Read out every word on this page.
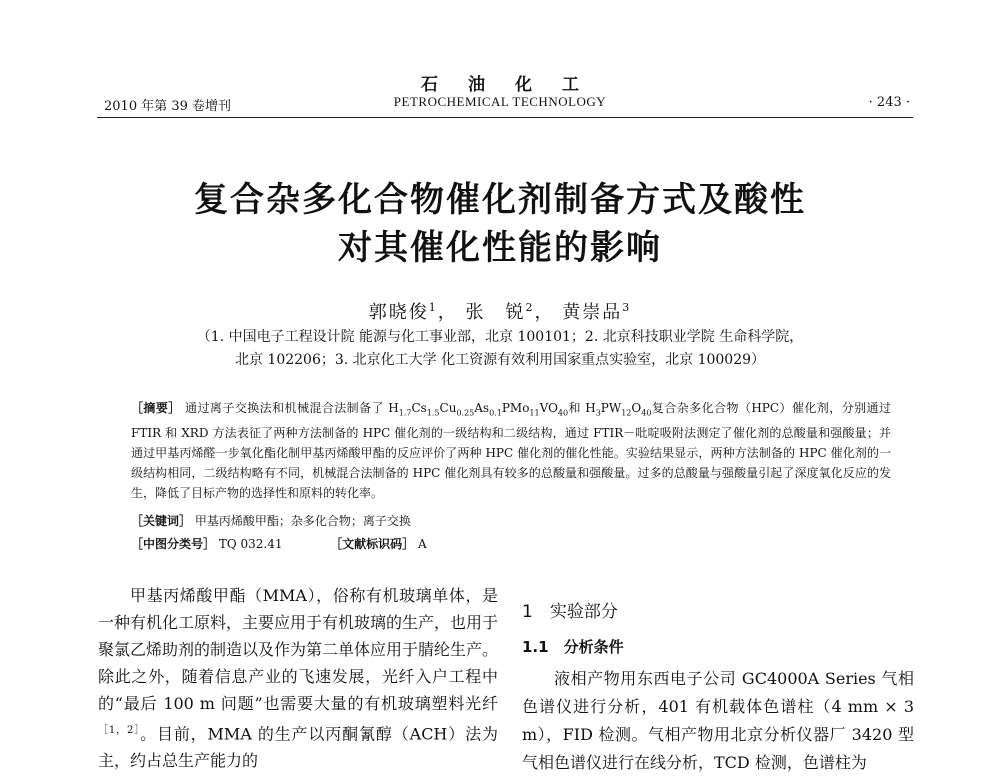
石油化工
2010 年第 39 卷增刊	PETROCHEMICAL TECHNOLOGY	· 243 ·
复合杂多化合物催化剂制备方式及酸性
对其催化性能的影响
郭晓俊$^1$， 张　锐$^2$， 黄崇品$^3$
（1. 中国电子工程设计院 能源与化工事业部，北京 100101；2. 北京科技职业学院 生命科学院，
北京 102206；3. 北京化工大学 化工资源有效利用国家重点实验室，北京 100029）

［摘要］ 通过离子交换法和机械混合法制备了 $H_{1.7}Cs_{1.5}Cu_{0.25}As_{0.1}PMo_{11}VO_{40}$和 $H_3PW_{12}O_{40}$复合杂多化合物（HPC）催化剂，分别通过 FTIR 和 XRD 方法表征了两种方法制备的 HPC 催化剂的一级结构和二级结构，通过 FTIR－吡啶吸附法测定了催化剂的总酸量和强酸量；并通过甲基丙烯醛一步氧化酯化制甲基丙烯酸甲酯的反应评价了两种 HPC 催化剂的催化性能。实验结果显示，两种方法制备的 HPC 催化剂的一级结构相同，二级结构略有不同，机械混合法制备的 HPC 催化剂具有较多的总酸量和强酸量。过多的总酸量与强酸量引起了深度氧化反应的发生，降低了目标产物的选择性和原料的转化率。

［关键词］ 甲基丙烯酸甲酯；杂多化合物；离子交换
［中图分类号］ TQ 032.41	［文献标识码］ A

甲基丙烯酸甲酯（MMA），俗称有机玻璃单体，是一种有机化工原料，主要应用于有机玻璃的生产，也用于聚氯乙烯助剂的制造以及作为第二单体应用于腈纶生产。除此之外，随着信息产业的飞速发展，光纤入户工程中的“最后 100 m 问题”也需要大量的有机玻璃塑料光纤$^{[1,2]}$。目前，MMA 的生产以丙酮氰醇（ACH）法为主，约占总生产能力的

1　实验部分
1.1　分析条件

液相产物用东西电子公司 GC4000A Series 气相色谱仪进行分析，401 有机载体色谱柱（4 mm × 3 m），FID 检测。气相产物用北京分析仪器厂 3420 型气相色谱仪进行在线分析，TCD 检测，色谱柱为
